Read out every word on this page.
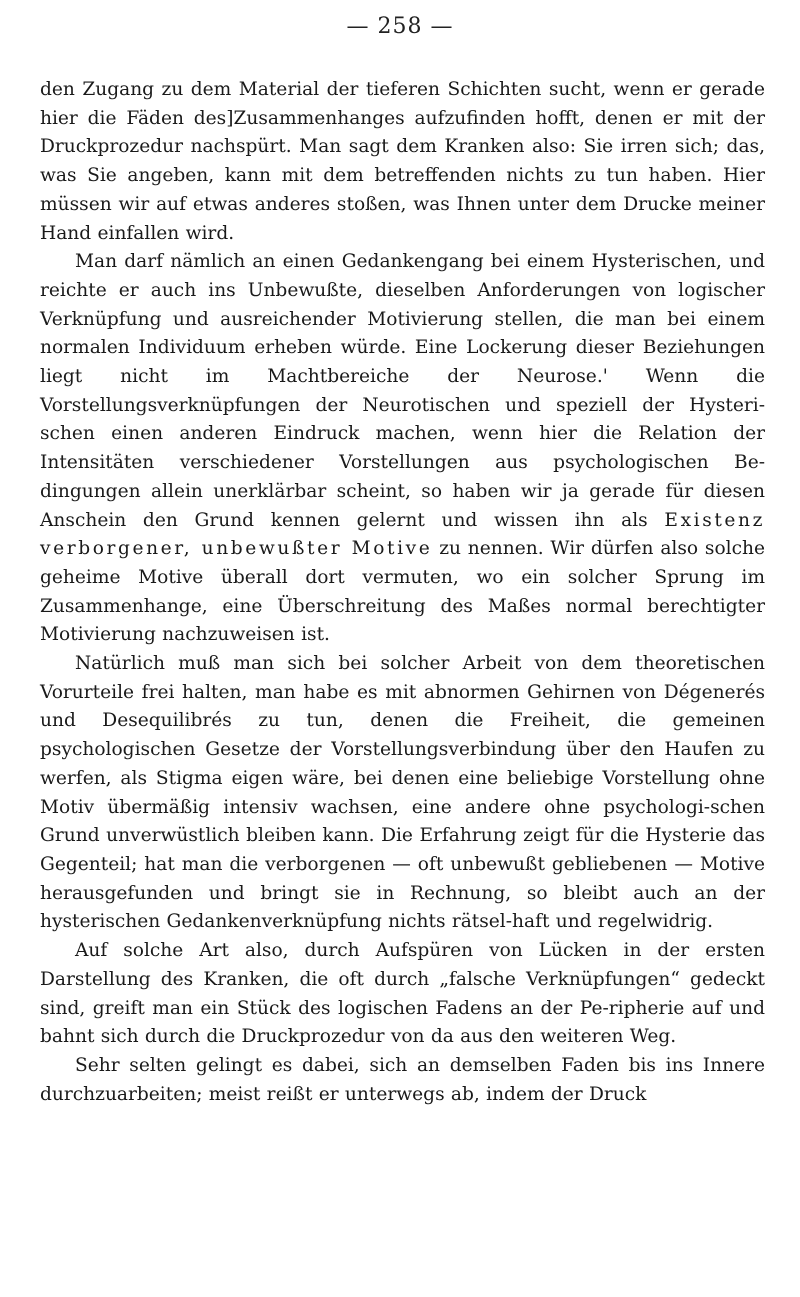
— 258 —

den Zugang zu dem Material der tieferen Schichten sucht, wenn er gerade hier die Fäden des]Zusammenhanges aufzufinden hofft, denen er mit der Druckprozedur nachspürt. Man sagt dem Kranken also: Sie irren sich; das, was Sie angeben, kann mit dem betreffenden nichts zu tun haben. Hier müssen wir auf etwas anderes stoßen, was Ihnen unter dem Drucke meiner Hand einfallen wird.

Man darf nämlich an einen Gedankengang bei einem Hysterischen, und reichte er auch ins Unbewußte, dieselben Anforderungen von logischer Verknüpfung und ausreichender Motivierung stellen, die man bei einem normalen Individuum erheben würde. Eine Lockerung dieser Beziehungen liegt nicht im Machtbereiche der Neurose.' Wenn die Vorstellungsverknüpfungen der Neurotischen und speziell der Hysteri-schen einen anderen Eindruck machen, wenn hier die Relation der Intensitäten verschiedener Vorstellungen aus psychologischen Be-dingungen allein unerklärbar scheint, so haben wir ja gerade für diesen Anschein den Grund kennen gelernt und wissen ihn als Existenz verborgener, unbewußter Motive zu nennen. Wir dürfen also solche geheime Motive überall dort vermuten, wo ein solcher Sprung im Zusammenhange, eine Überschreitung des Maßes normal berechtigter Motivierung nachzuweisen ist.

Natürlich muß man sich bei solcher Arbeit von dem theoretischen Vorurteile frei halten, man habe es mit abnormen Gehirnen von Dégenerés und Desequilibrés zu tun, denen die Freiheit, die gemeinen psychologischen Gesetze der Vorstellungsverbindung über den Haufen zu werfen, als Stigma eigen wäre, bei denen eine beliebige Vorstellung ohne Motiv übermäßig intensiv wachsen, eine andere ohne psychologi-schen Grund unverwüstlich bleiben kann. Die Erfahrung zeigt für die Hysterie das Gegenteil; hat man die verborgenen — oft unbewußt gebliebenen — Motive herausgefunden und bringt sie in Rechnung, so bleibt auch an der hysterischen Gedankenverknüpfung nichts rätsel-haft und regelwidrig.

Auf solche Art also, durch Aufspüren von Lücken in der ersten Darstellung des Kranken, die oft durch „falsche Verknüpfungen“ gedeckt sind, greift man ein Stück des logischen Fadens an der Pe-ripherie auf und bahnt sich durch die Druckprozedur von da aus den weiteren Weg.

Sehr selten gelingt es dabei, sich an demselben Faden bis ins Innere durchzuarbeiten; meist reißt er unterwegs ab, indem der Druck
